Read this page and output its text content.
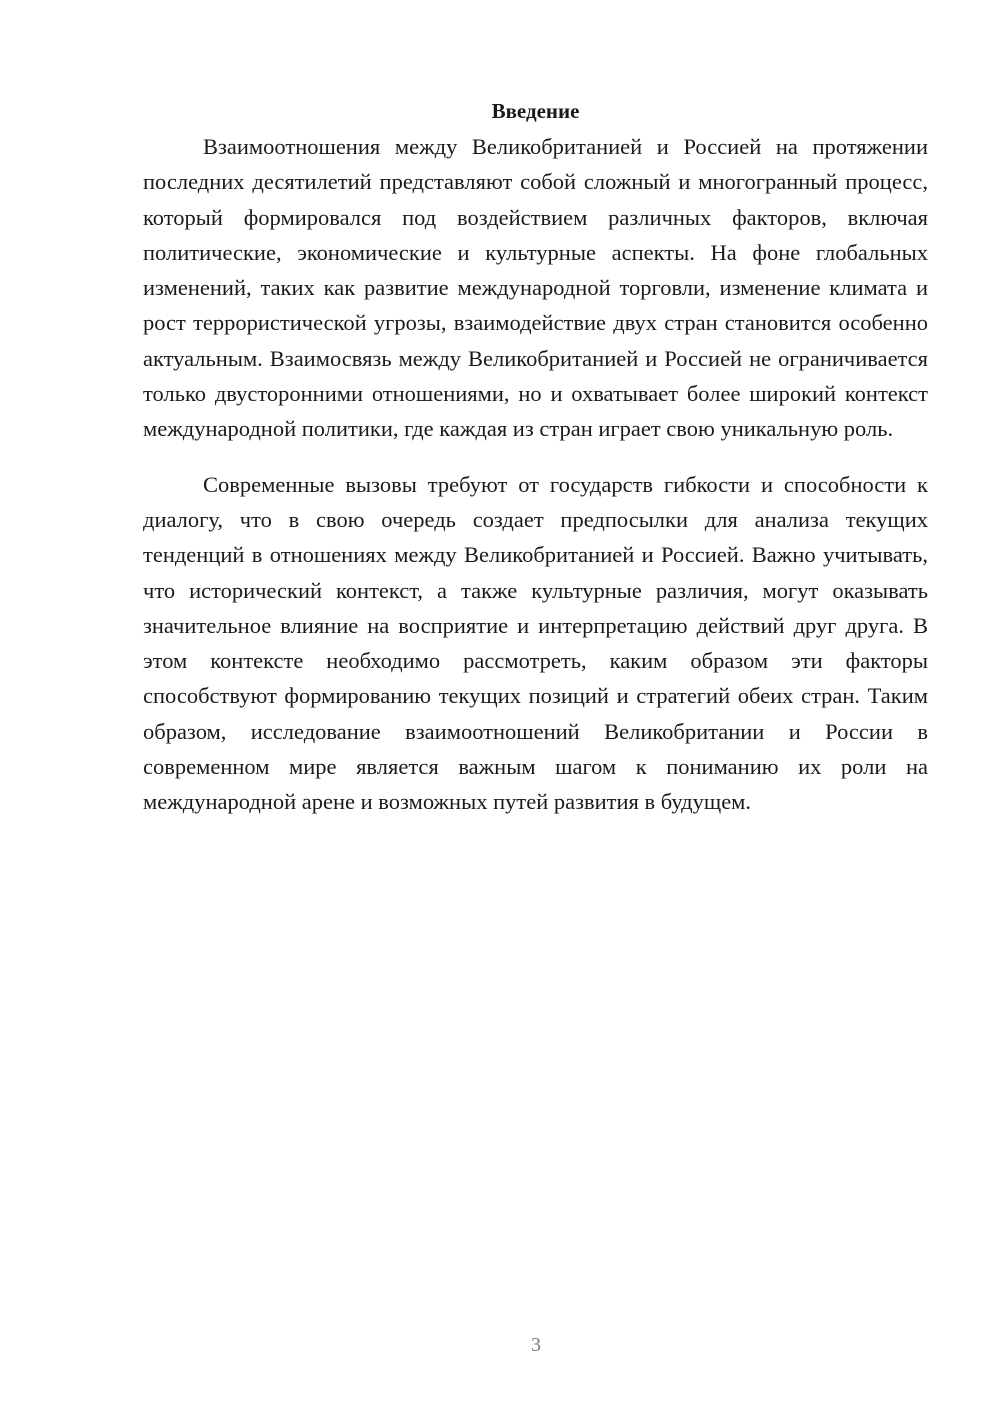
Введение

Взаимоотношения между Великобританией и Россией на протяжении последних десятилетий представляют собой сложный и многогранный процесс, который формировался под воздействием различных факторов, включая политические, экономические и культурные аспекты. На фоне глобальных изменений, таких как развитие международной торговли, изменение климата и рост террористической угрозы, взаимодействие двух стран становится особенно актуальным. Взаимосвязь между Великобританией и Россией не ограничивается только двусторонними отношениями, но и охватывает более широкий контекст международной политики, где каждая из стран играет свою уникальную роль.

Современные вызовы требуют от государств гибкости и способности к диалогу, что в свою очередь создает предпосылки для анализа текущих тенденций в отношениях между Великобританией и Россией. Важно учитывать, что исторический контекст, а также культурные различия, могут оказывать значительное влияние на восприятие и интерпретацию действий друг друга. В этом контексте необходимо рассмотреть, каким образом эти факторы способствуют формированию текущих позиций и стратегий обеих стран. Таким образом, исследование взаимоотношений Великобритании и России в современном мире является важным шагом к пониманию их роли на международной арене и возможных путей развития в будущем.

3
